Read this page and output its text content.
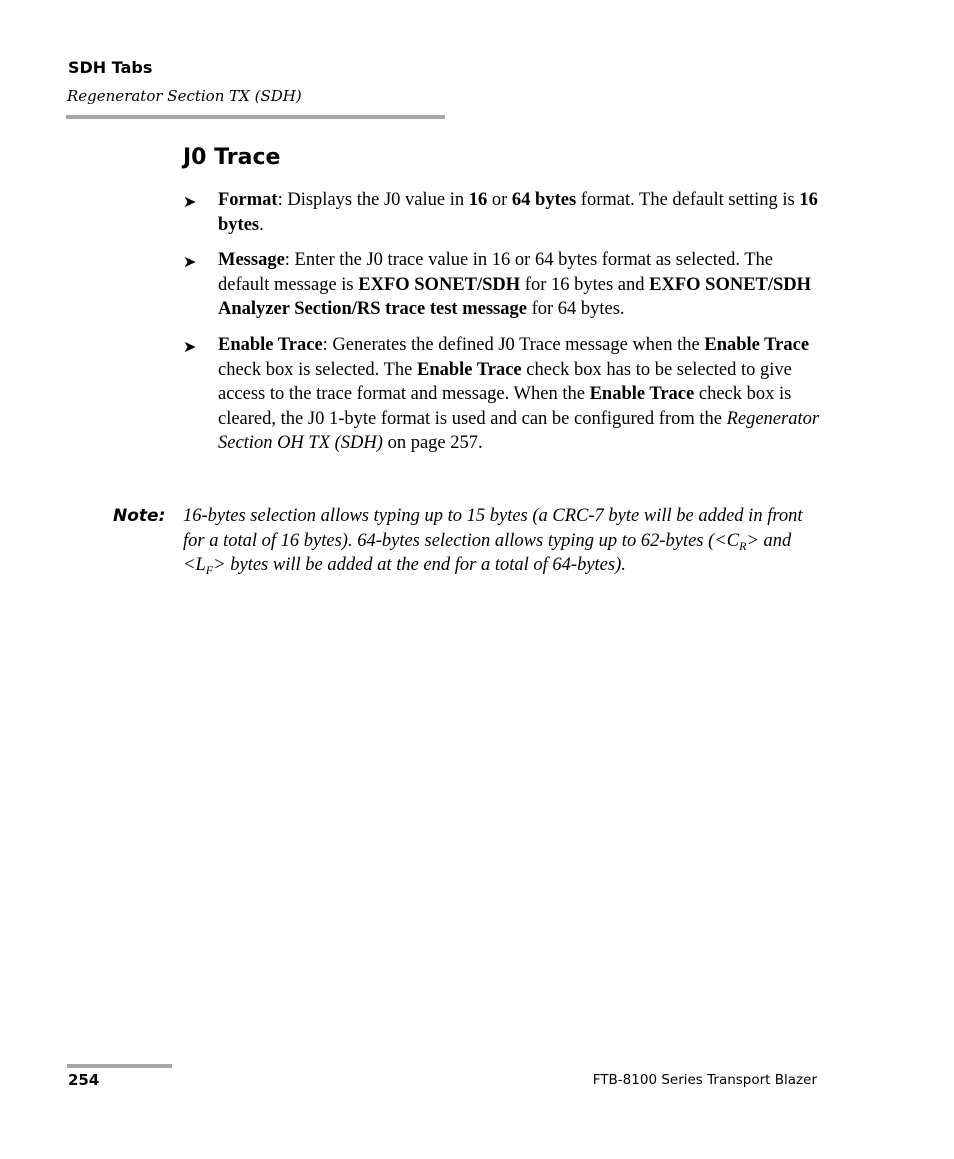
SDH Tabs

Regenerator Section TX (SDH)

J0 Trace
➤ Format: Displays the J0 value in 16 or 64 bytes format. The default setting is 16 bytes.
➤ Message: Enter the J0 trace value in 16 or 64 bytes format as selected. The default message is EXFO SONET/SDH for 16 bytes and EXFO SONET/SDH Analyzer Section/RS trace test message for 64 bytes.
➤ Enable Trace: Generates the defined J0 Trace message when the Enable Trace check box is selected. The Enable Trace check box has to be selected to give access to the trace format and message. When the Enable Trace check box is cleared, the J0 1-byte format is used and can be configured from the Regenerator Section OH TX (SDH) on page 257.
Note: 16-bytes selection allows typing up to 15 bytes (a CRC-7 byte will be added in front for a total of 16 bytes). 64-bytes selection allows typing up to 62-bytes ($<C_R>$ and $<L_F>$ bytes will be added at the end for a total of 64-bytes).

254	FTB-8100 Series Transport Blazer
